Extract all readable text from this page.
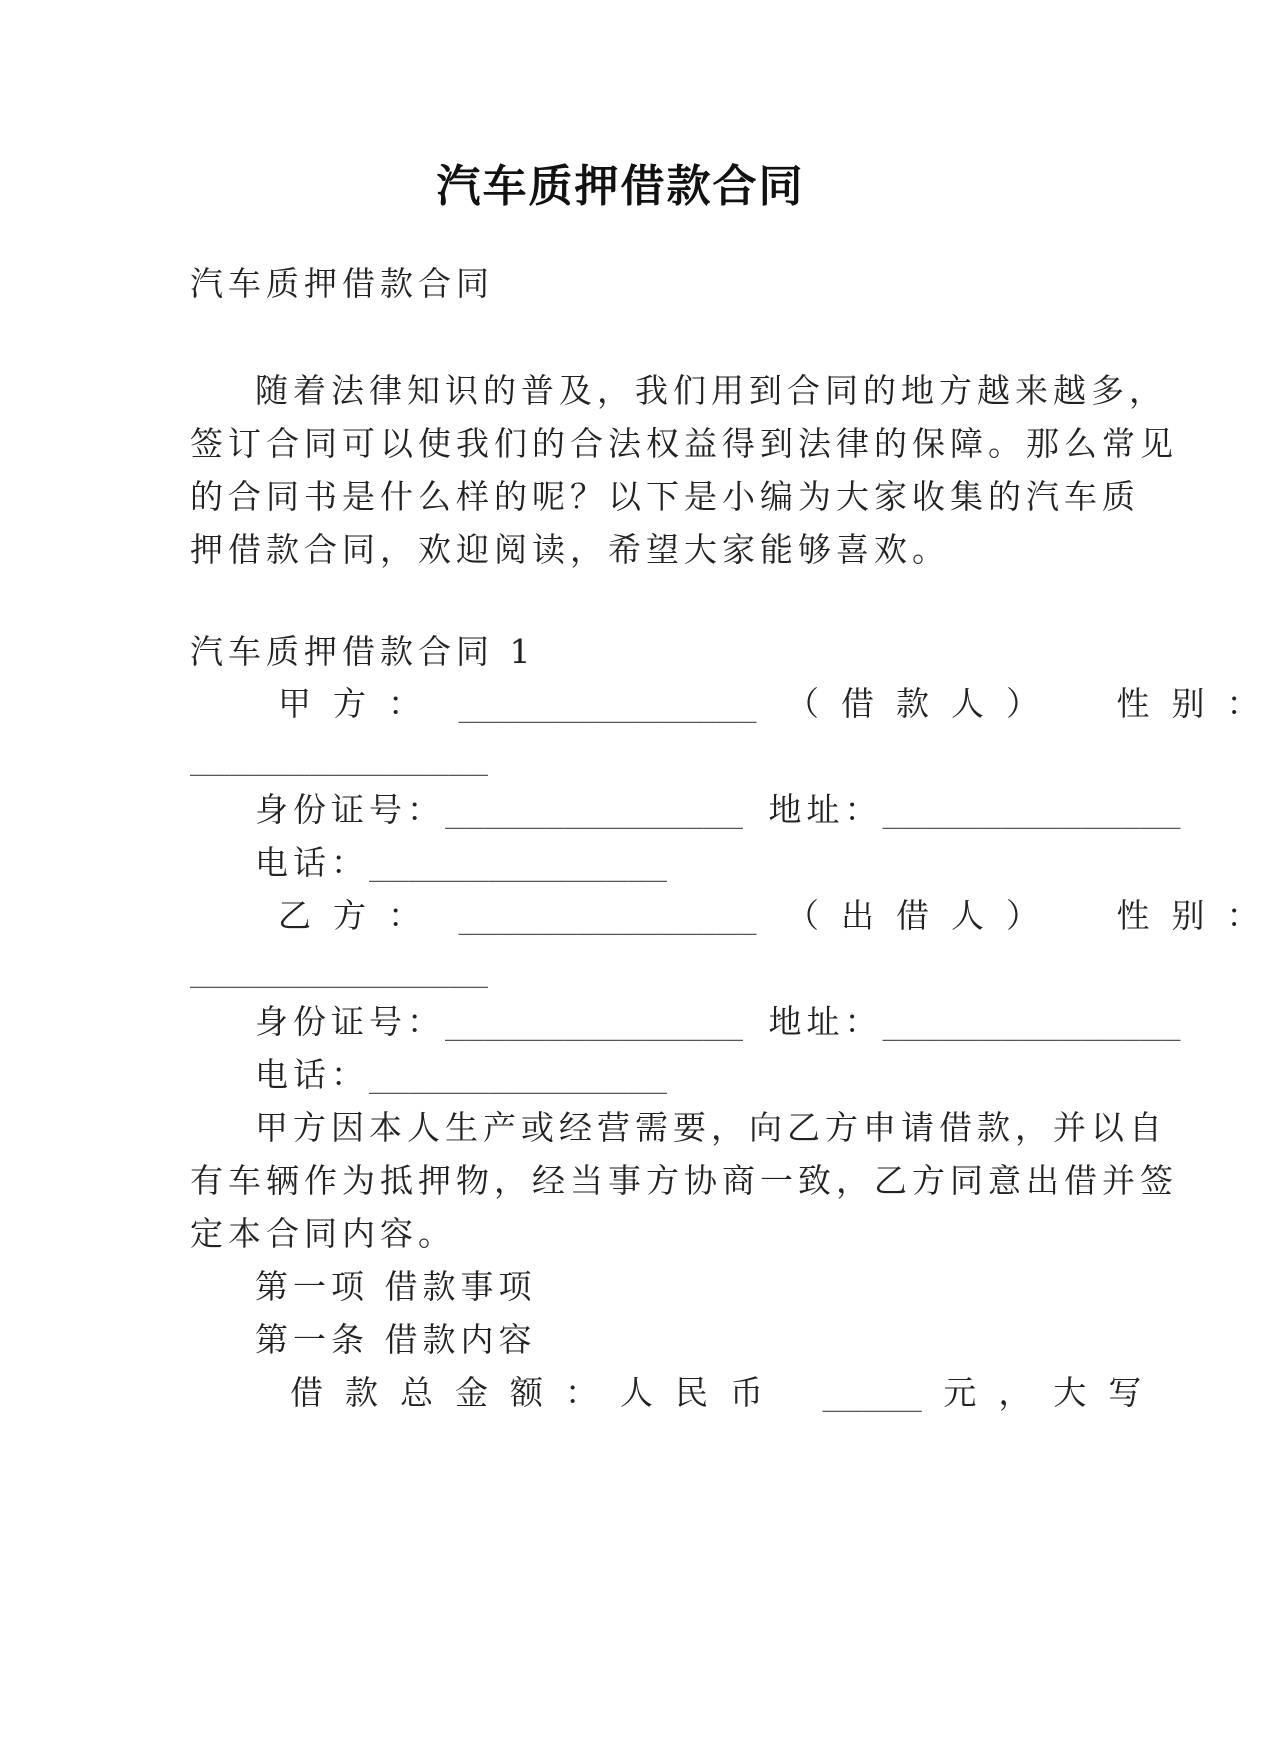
汽车质押借款合同
汽车质押借款合同
随着法律知识的普及，我们用到合同的地方越来越多，
签订合同可以使我们的合法权益得到法律的保障。那么常见
的合同书是什么样的呢？以下是小编为大家收集的汽车质
押借款合同，欢迎阅读，希望大家能够喜欢。
汽车质押借款合同 1
甲方： _______________ （借款人） 性别：
_______________
身份证号：_______________ 地址：_______________
电话：_______________
乙方： _______________ （出借人） 性别：
_______________
身份证号：_______________ 地址：_______________
电话：_______________
甲方因本人生产或经营需要，向乙方申请借款，并以自
有车辆作为抵押物，经当事方协商一致，乙方同意出借并签
定本合同内容。
第一项 借款事项
第一条 借款内容
借款总金额：人民币 _____ 元，大写
